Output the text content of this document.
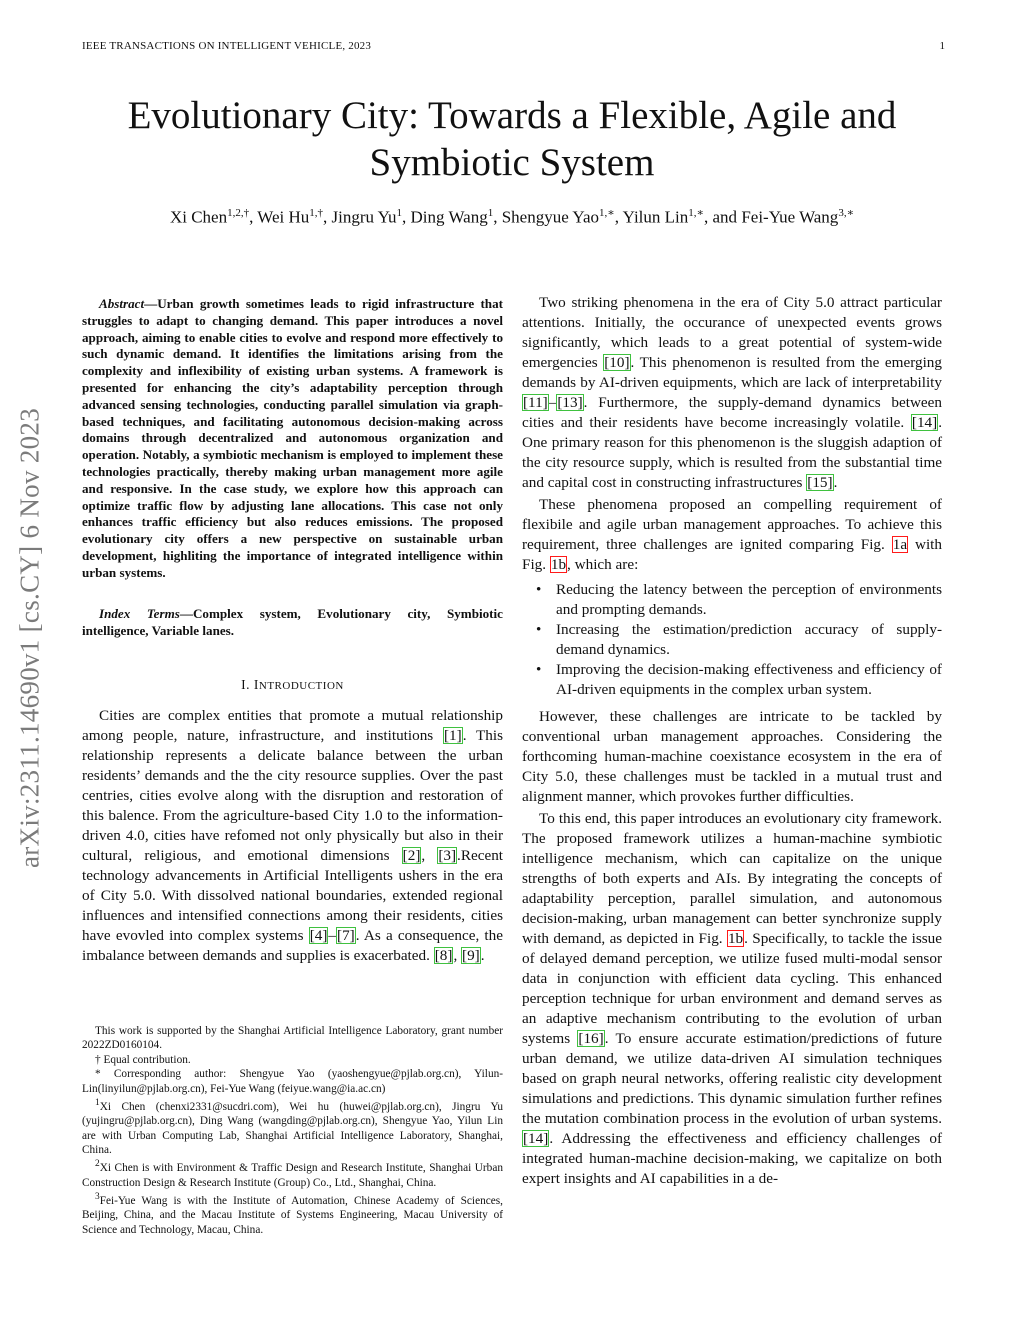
IEEE TRANSACTIONS ON INTELLIGENT VEHICLE, 2023	1
Evolutionary City: Towards a Flexible, Agile and Symbiotic System
Xi Chen$^{1,2,\dagger}$, Wei $Hu^{1,\dagger}$, Jingru Yu$^1$, Ding Wang$^1$, Shengyue Yao$^{1,∗}$, Yilun Lin$^{1,∗}$, and Fei-Yue Wang$^{3,∗}$
arXiv:2311.14690v1 [cs.CY] 6 Nov 2023

Abstract—Urban growth sometimes leads to rigid infrastructure that struggles to adapt to changing demand. This paper introduces a novel approach, aiming to enable cities to evolve and respond more effectively to such dynamic demand. It identifies the limitations arising from the complexity and inflexibility of existing urban systems. A framework is presented for enhancing the city’s adaptability perception through advanced sensing technologies, conducting parallel simulation via graph-based techniques, and facilitating autonomous decision-making across domains through decentralized and autonomous organization and operation. Notably, a symbiotic mechanism is employed to implement these technologies practically, thereby making urban management more agile and responsive. In the case study, we explore how this approach can optimize traffic flow by adjusting lane allocations. This case not only enhances traffic efficiency but also reduces emissions. The proposed evolutionary city offers a new perspective on sustainable urban development, highliting the importance of integrated intelligence within urban systems.

Index Terms—Complex system, Evolutionary city, Symbiotic intelligence, Variable lanes.

I. INTRODUCTION

Cities are complex entities that promote a mutual relationship among people, nature, infrastructure, and institutions [1]. This relationship represents a delicate balance between the urban residents’ demands and the the city resource supplies. Over the past centries, cities evolve along with the disruption and restoration of this balence. From the agriculture-based City 1.0 to the information-driven 4.0, cities have refomed not only physically but also in their cultural, religious, and emotional dimensions [2], [3].Recent technology advancements in Artificial Intelligents ushers in the era of City 5.0. With dissolved national boundaries, extended regional influences and intensified connections among their residents, cities have evovled into complex systems [4]–[7]. As a consequence, the imbalance between demands and supplies is exacerbated. [8], [9].

This work is supported by the Shanghai Artificial Intelligence Laboratory, grant number 2022ZD0160104.

† Equal contribution.

* Corresponding author: Shengyue Yao (yaoshengyue@pjlab.org.cn), Yilun-Lin(linyilun@pjlab.org.cn), Fei-Yue Wang (feiyue.wang@ia.ac.cn)

$^1$Xi Chen (chenxi2331@sucdri.com), Wei hu (huwei@pjlab.org.cn), Jingru Yu (yujingru@pjlab.org.cn), Ding Wang (wangding@pjlab.org.cn), Shengyue Yao, Yilun Lin are with Urban Computing Lab, Shanghai Artificial Intelligence Laboratory, Shanghai, China.

$^2$Xi Chen is with Environment & Traffic Design and Research Institute, Shanghai Urban Construction Design & Research Institute (Group) Co., Ltd., Shanghai, China.

$^3$Fei-Yue Wang is with the Institute of Automation, Chinese Academy of Sciences, Beijing, China, and the Macau Institute of Systems Engineering, Macau University of Science and Technology, Macau, China.

Two striking phenomena in the era of City 5.0 attract particular attentions. Initially, the occurance of unexpected events grows significantly, which leads to a great potential of system-wide emergencies [10]. This phenomenon is resulted from the emerging demands by AI-driven equipments, which are lack of interpretability [11]–[13]. Furthermore, the supply-demand dynamics between cities and their residents have become increasingly volatile. [14]. One primary reason for this phenomenon is the sluggish adaption of the city resource supply, which is resulted from the substantial time and capital cost in constructing infrastructures [15].

These phenomena proposed an compelling requirement of flexibile and agile urban management approaches. To achieve this requirement, three challenges are ignited comparing Fig. 1a with Fig. 1b, which are:

• Reducing the latency between the perception of environments and prompting demands.
• Increasing the estimation/prediction accuracy of supply-demand dynamics.
• Improving the decision-making effectiveness and efficiency of AI-driven equipments in the complex urban system.

However, these challenges are intricate to be tackled by conventional urban management approaches. Considering the forthcoming human-machine coexistance ecosystem in the era of City 5.0, these challenges must be tackled in a mutual trust and alignment manner, which provokes further difficulties.

To this end, this paper introduces an evolutionary city framework. The proposed framework utilizes a human-machine symbiotic intelligence mechanism, which can capitalize on the unique strengths of both experts and AIs. By integrating the concepts of adaptability perception, parallel simulation, and autonomous decision-making, urban management can better synchronize supply with demand, as depicted in Fig. 1b. Specifically, to tackle the issue of delayed demand perception, we utilize fused multi-modal sensor data in conjunction with efficient data cycling. This enhanced perception technique for urban environment and demand serves as an adaptive mechanism contributing to the evolution of urban systems [16]. To ensure accurate estimation/predictions of future urban demand, we utilize data-driven AI simulation techniques based on graph neural networks, offering realistic city development simulations and predictions. This dynamic simulation further refines the mutation combination process in the evolution of urban systems. [14]. Addressing the effectiveness and efficiency challenges of integrated human-machine decision-making, we capitalize on both expert insights and AI capabilities in a de-
